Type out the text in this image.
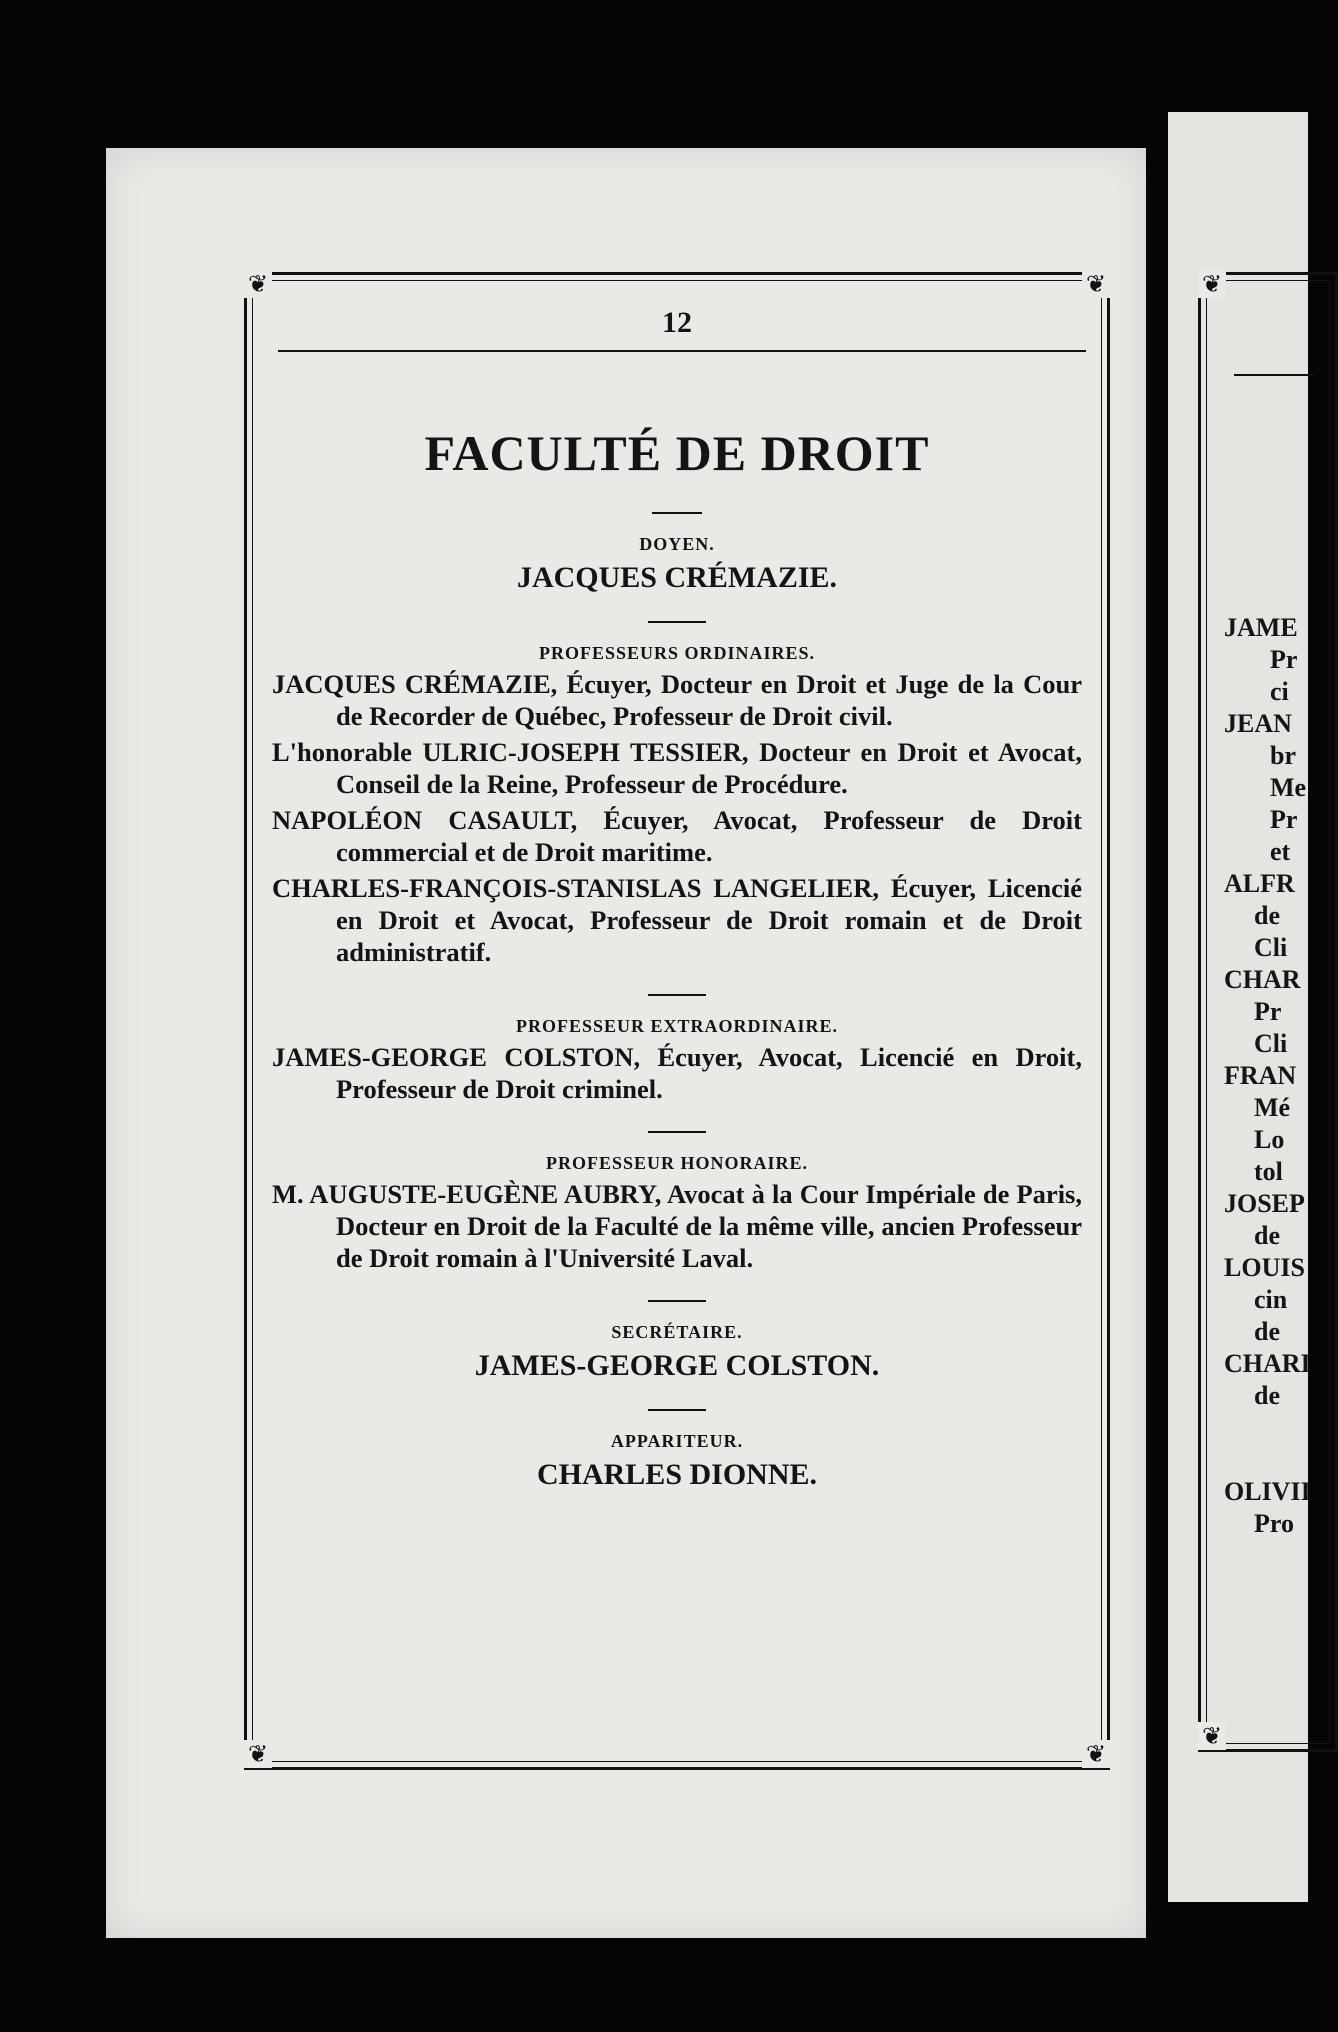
❦	❦
❦	❦
❦
❦
12
FACULTÉ DE DROIT
DOYEN.
JACQUES CRÉMAZIE.
PROFESSEURS ORDINAIRES.
JACQUES CRÉMAZIE, Écuyer, Docteur en Droit et Juge de la Cour de Recorder de Québec, Professeur de Droit civil.
L'honorable ULRIC-JOSEPH TESSIER, Docteur en Droit et Avocat, Conseil de la Reine, Professeur de Procédure.
NAPOLÉON CASAULT, Écuyer, Avocat, Professeur de Droit commercial et de Droit maritime.
CHARLES-FRANÇOIS-STANISLAS LANGELIER, Écuyer, Licencié en Droit et Avocat, Professeur de Droit romain et de Droit administratif.
PROFESSEUR EXTRAORDINAIRE.
JAMES-GEORGE COLSTON, Écuyer, Avocat, Licencié en Droit, Professeur de Droit criminel.
PROFESSEUR HONORAIRE.
M. AUGUSTE-EUGÈNE AUBRY, Avocat à la Cour Impériale de Paris, Docteur en Droit de la Faculté de la même ville, ancien Professeur de Droit romain à l'Université Laval.
SECRÉTAIRE.
JAMES-GEORGE COLSTON.
APPARITEUR.
CHARLES DIONNE.
JAME
Pr
ci
JEAN
br
Me
Pr
et
ALFR
de
Cli
CHAR
Pr
Cli
FRAN
Mé
Lo
tol
JOSEP
de
LOUIS
cin
de
CHARI
de
OLIVII
Pro
